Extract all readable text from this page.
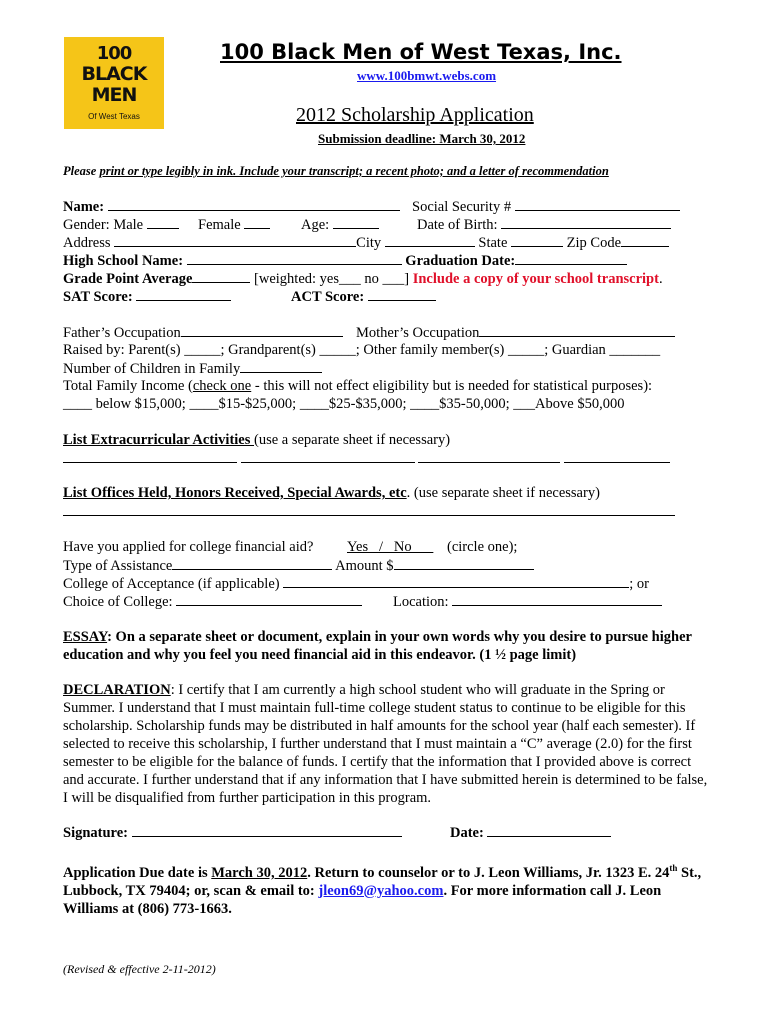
100
BLACK
MEN
Of West Texas
100 Black Men of West Texas, Inc.
www.100bmwt.webs.com
2012 Scholarship Application
Submission deadline: March 30, 2012
Please print or type legibly in ink. Include your transcript; a recent photo; and a letter of recommendation
Name:	Social Security #
Gender: Male	Female	Age:	Date of Birth:
Address	City	State	Zip Code
High School Name:	Graduation Date:
Grade Point Average	[weighted: yes___ no ___] Include a copy of your school transcript.
SAT Score:	ACT Score:
Father’s Occupation	Mother’s Occupation
Raised by: Parent(s) _____; Grandparent(s) _____; Other family member(s) _____; Guardian _______
Number of Children in Family
Total Family Income (check one - this will not effect eligibility but is needed for statistical purposes):
____ below $15,000; ____$15-$25,000; ____$25-$35,000; ____$35-50,000; ___Above $50,000
List Extracurricular Activities (use a separate sheet if necessary)

List Offices Held, Honors Received, Special Awards, etc. (use separate sheet if necessary)
Have you applied for college financial aid? Yes   /   No (circle one);
Type of Assistance	Amount $
College of Acceptance (if applicable)	; or
Choice of College:	Location:

ESSAY: On a separate sheet or document, explain in your own words why you desire to pursue higher education and why you feel you need financial aid in this endeavor. (1 ½ page limit)

DECLARATION: I certify that I am currently a high school student who will graduate in the Spring or Summer. I understand that I must maintain full-time college student status to continue to be eligible for this scholarship. Scholarship funds may be distributed in half amounts for the school year (half each semester). If selected to receive this scholarship, I further understand that I must maintain a “C” average (2.0) for the first semester to be eligible for the balance of funds. I certify that the information that I provided above is correct and accurate. I further understand that if any information that I have submitted herein is determined to be false, I will be disqualified from further participation in this program.

Signature:	Date:

Application Due date is March 30, 2012. Return to counselor or to J. Leon Williams, Jr. 1323 E. 24th St., Lubbock, TX 79404; or, scan & email to: jleon69@yahoo.com. For more information call J. Leon Williams at (806) 773-1663.

(Revised & effective 2-11-2012)
